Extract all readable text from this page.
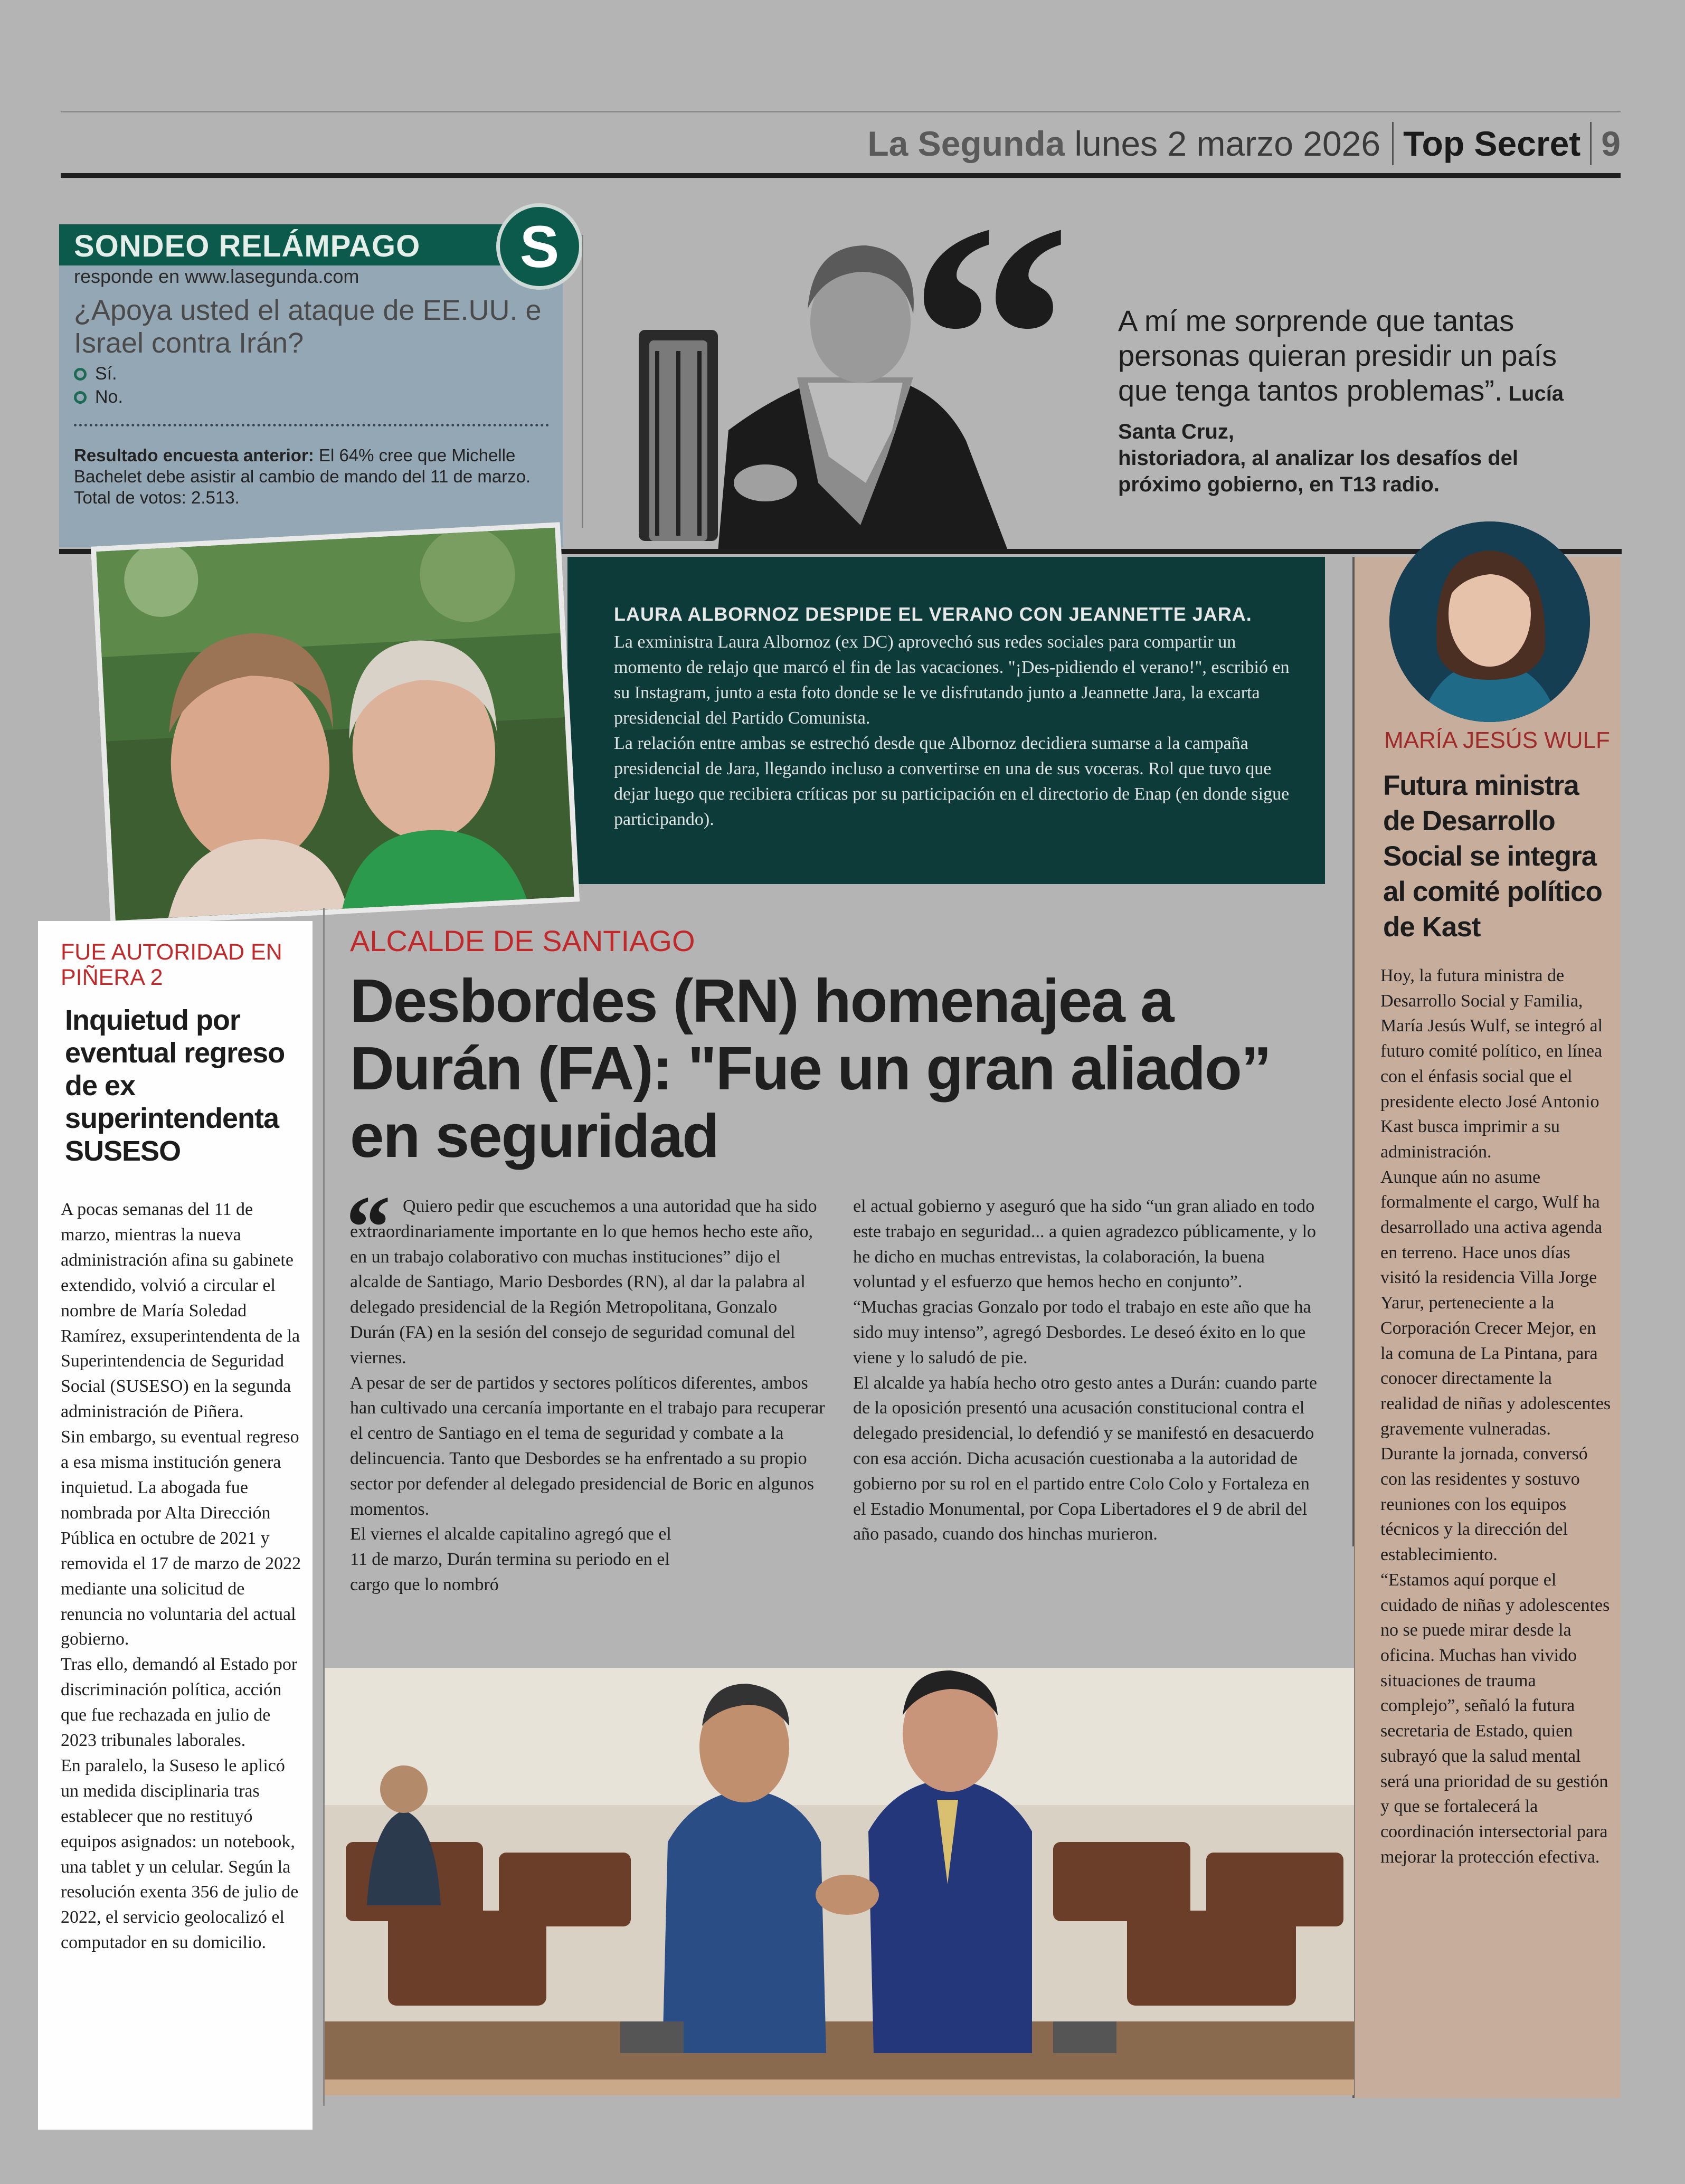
La Segunda lunes 2 marzo 2026 Top Secret 9
SONDEO RELÁMPAGO
responde en www.lasegunda.com
¿Apoya usted el ataque de EE.UU. e Israel contra Irán?
Sí.
No.
Resultado encuesta anterior: El 64% cree que Michelle Bachelet debe asistir al cambio de mando del 11 de marzo. Total de votos: 2.513.
S “ A mí me sorprende que tantas personas quieran presidir un país que tenga tantos problemas”. Lucía Santa Cruz,
historiadora, al analizar los desafíos del próximo gobierno, en T13 radio.
LAURA ALBORNOZ DESPIDE EL VERANO CON JEANNETTE JARA.

La exministra Laura Albornoz (ex DC) aprovechó sus redes sociales para compartir un momento de relajo que marcó el fin de las vacaciones. "¡Des-pidiendo el verano!", escribió en su Instagram, junto a esta foto donde se le ve disfrutando junto a Jeannette Jara, la excarta presidencial del Partido Comunista.

La relación entre ambas se estrechó desde que Albornoz decidiera sumarse a la campaña presidencial de Jara, llegando incluso a convertirse en una de sus voceras. Rol que tuvo que dejar luego que recibiera críticas por su participación en el directorio de Enap (en donde sigue participando).

MARÍA JESÚS WULF
Futura ministra de Desarrollo Social se integra al comité político de Kast

Hoy, la futura ministra de Desarrollo Social y Familia, María Jesús Wulf, se integró al futuro comité político, en línea con el énfasis social que el presidente electo José Antonio Kast busca imprimir a su administración.

Aunque aún no asume formalmente el cargo, Wulf ha desarrollado una activa agenda en terreno. Hace unos días visitó la residencia Villa Jorge Yarur, perteneciente a la Corporación Crecer Mejor, en la comuna de La Pintana, para conocer directamente la realidad de niñas y adolescentes gravemente vulneradas. Durante la jornada, conversó con las residentes y sostuvo reuniones con los equipos técnicos y la dirección del establecimiento.

“Estamos aquí porque el cuidado de niñas y adolescentes no se puede mirar desde la oficina. Muchas han vivido situaciones de trauma complejo”, señaló la futura secretaria de Estado, quien subrayó que la salud mental será una prioridad de su gestión y que se fortalecerá la coordinación intersectorial para mejorar la protección efectiva.

FUE AUTORIDAD EN PIÑERA 2
Inquietud por eventual regreso de ex superintendenta SUSESO

A pocas semanas del 11 de marzo, mientras la nueva administración afina su gabinete extendido, volvió a circular el nombre de María Soledad Ramírez, exsuperintendenta de la Superintendencia de Seguridad Social (SUSESO) en la segunda administración de Piñera.

Sin embargo, su eventual regreso a esa misma institución genera inquietud. La abogada fue nombrada por Alta Dirección Pública en octubre de 2021 y removida el 17 de marzo de 2022 mediante una solicitud de renuncia no voluntaria del actual gobierno.

Tras ello, demandó al Estado por discriminación política, acción que fue rechazada en julio de 2023 tribunales laborales.

En paralelo, la Suseso le aplicó un medida disciplinaria tras establecer que no restituyó equipos asignados: un notebook, una tablet y un celular. Según la resolución exenta 356 de julio de 2022, el servicio geolocalizó el computador en su domicilio.

ALCALDE DE SANTIAGO
Desbordes (RN) homenajea a Durán (FA): "Fue un gran aliado” en seguridad
“ Quiero pedir que escuchemos a una autoridad que ha sido extraordinariamente importante en lo que hemos hecho este año, en un trabajo colaborativo con muchas instituciones” dijo el alcalde de Santiago, Mario Desbordes (RN), al dar la palabra al delegado presidencial de la Región Metropolitana, Gonzalo Durán (FA) en la sesión del consejo de seguridad comunal del viernes.

A pesar de ser de partidos y sectores políticos diferentes, ambos han cultivado una cercanía importante en el trabajo para recuperar el centro de Santiago en el tema de seguridad y combate a la delincuencia. Tanto que Desbordes se ha enfrentado a su propio sector por defender al delegado presidencial de Boric en algunos momentos.

El viernes el alcalde capitalino agregó que el 11 de marzo, Durán termina su periodo en el cargo que lo nombró

el actual gobierno y aseguró que ha sido “un gran aliado en todo este trabajo en seguridad... a quien agradezco públicamente, y lo he dicho en muchas entrevistas, la colaboración, la buena voluntad y el esfuerzo que hemos hecho en conjunto”.

“Muchas gracias Gonzalo por todo el trabajo en este año que ha sido muy intenso”, agregó Desbordes. Le deseó éxito en lo que viene y lo saludó de pie.

El alcalde ya había hecho otro gesto antes a Durán: cuando parte de la oposición presentó una acusación constitucional contra el delegado presidencial, lo defendió y se manifestó en desacuerdo con esa acción. Dicha acusación cuestionaba a la autoridad de gobierno por su rol en el partido entre Colo Colo y Fortaleza en el Estadio Monumental, por Copa Libertadores el 9 de abril del año pasado, cuando dos hinchas murieron.
